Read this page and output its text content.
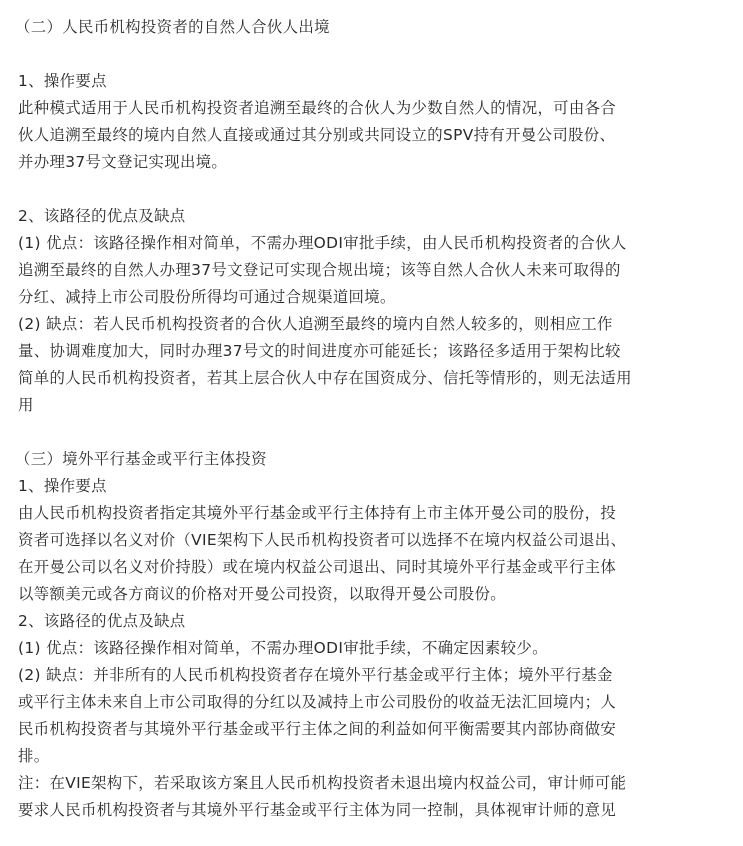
（二）人民币机构投资者的自然人合伙人出境
1、操作要点
此种模式适用于人民币机构投资者追溯至最终的合伙人为少数自然人的情况，可由各合
伙人追溯至最终的境内自然人直接或通过其分别或共同设立的SPV持有开曼公司股份、
并办理37号文登记实现出境。
2、该路径的优点及缺点
(1) 优点：该路径操作相对简单，不需办理ODI审批手续，由人民币机构投资者的合伙人
追溯至最终的自然人办理37号文登记可实现合规出境；该等自然人合伙人未来可取得的
分红、减持上市公司股份所得均可通过合规渠道回境。
(2) 缺点：若人民币机构投资者的合伙人追溯至最终的境内自然人较多的，则相应工作
量、协调难度加大，同时办理37号文的时间进度亦可能延长；该路径多适用于架构比较
简单的人民币机构投资者，若其上层合伙人中存在国资成分、信托等情形的，则无法适用
用
（三）境外平行基金或平行主体投资
1、操作要点
由人民币机构投资者指定其境外平行基金或平行主体持有上市主体开曼公司的股份，投
资者可选择以名义对价（VIE架构下人民币机构投资者可以选择不在境内权益公司退出、
在开曼公司以名义对价持股）或在境内权益公司退出、同时其境外平行基金或平行主体
以等额美元或各方商议的价格对开曼公司投资，以取得开曼公司股份。
2、该路径的优点及缺点
(1) 优点：该路径操作相对简单，不需办理ODI审批手续，不确定因素较少。
(2) 缺点：并非所有的人民币机构投资者存在境外平行基金或平行主体；境外平行基金
或平行主体未来自上市公司取得的分红以及减持上市公司股份的收益无法汇回境内；人
民币机构投资者与其境外平行基金或平行主体之间的利益如何平衡需要其内部协商做安
排。
注：在VIE架构下，若采取该方案且人民币机构投资者未退出境内权益公司，审计师可能
要求人民币机构投资者与其境外平行基金或平行主体为同一控制，具体视审计师的意见
